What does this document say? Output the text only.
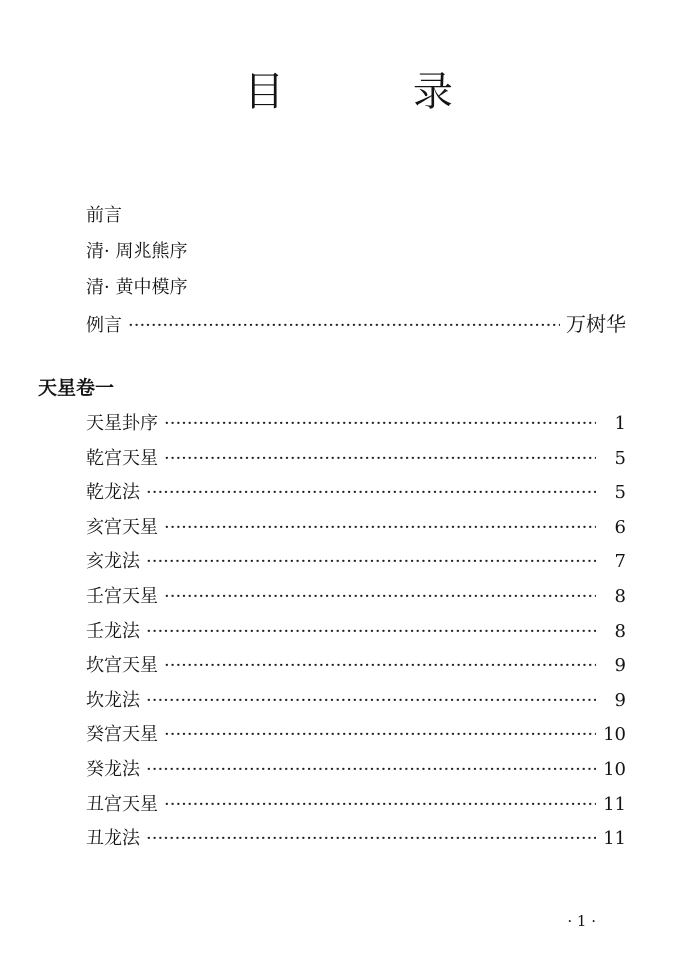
目 录
前言
清· 周兆熊序
清· 黄中模序
例言 ·····	万树华
天星卷一
天星卦序 ·····	1
乾宫天星 ·····	5
乾龙法 ·····	5
亥宫天星 ·····	6
亥龙法 ·····	7
壬宫天星 ·····	8
壬龙法 ·····	8
坎宫天星 ·····	9
坎龙法 ·····	9
癸宫天星 ·····	10
癸龙法 ·····	10
丑宫天星 ·····	11
丑龙法 ·····	11
· 1 ·
